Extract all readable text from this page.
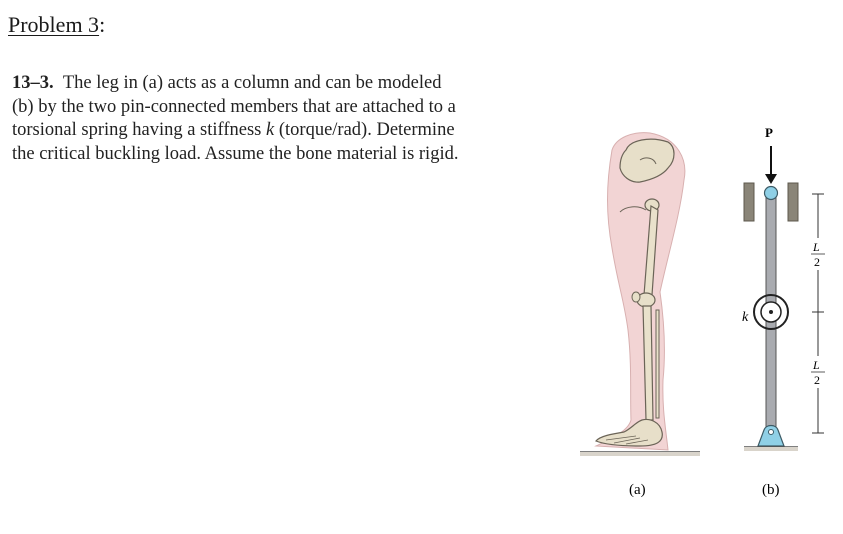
Problem 3:
13–3. The leg in (a) acts as a column and can be modeled
(b) by the two pin-connected members that are attached to a
torsional spring having a stiffness k (torque/rad). Determine
the critical buckling load. Assume the bone material is rigid.
P
k
L
2
L
2
(a)	(b)
